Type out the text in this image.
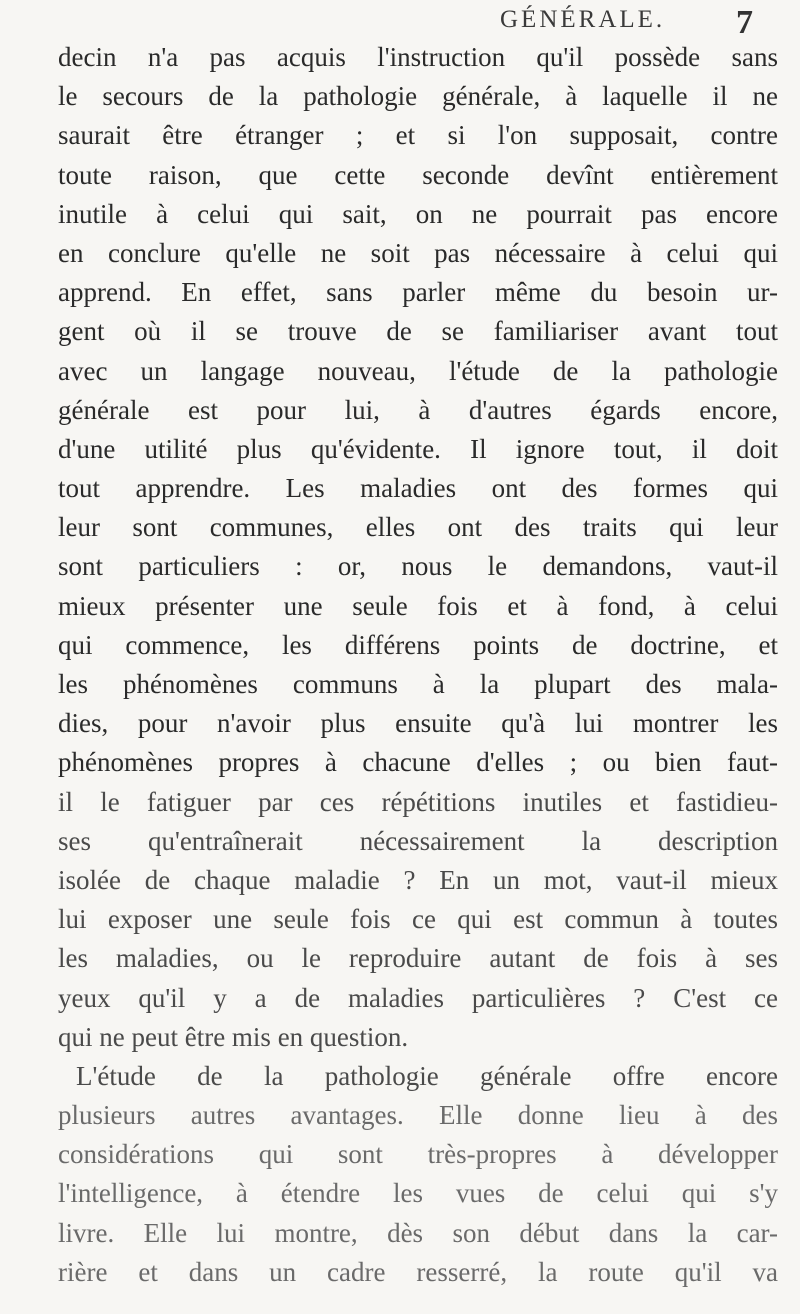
GÉNÉRALE. 7
decin n'a pas acquis l'instruction qu'il possède sans
le secours de la pathologie générale, à laquelle il ne
saurait être étranger ; et si l'on supposait, contre
toute raison, que cette seconde devînt entièrement
inutile à celui qui sait, on ne pourrait pas encore
en conclure qu'elle ne soit pas nécessaire à celui qui
apprend. En effet, sans parler même du besoin ur-
gent où il se trouve de se familiariser avant tout
avec un langage nouveau, l'étude de la pathologie
générale est pour lui, à d'autres égards encore,
d'une utilité plus qu'évidente. Il ignore tout, il doit
tout apprendre. Les maladies ont des formes qui
leur sont communes, elles ont des traits qui leur
sont particuliers : or, nous le demandons, vaut-il
mieux présenter une seule fois et à fond, à celui
qui commence, les différens points de doctrine, et
les phénomènes communs à la plupart des mala-
dies, pour n'avoir plus ensuite qu'à lui montrer les
phénomènes propres à chacune d'elles ; ou bien faut-
il le fatiguer par ces répétitions inutiles et fastidieu-
ses qu'entraînerait nécessairement la description
isolée de chaque maladie ? En un mot, vaut-il mieux
lui exposer une seule fois ce qui est commun à toutes
les maladies, ou le reproduire autant de fois à ses
yeux qu'il y a de maladies particulières ? C'est ce
qui ne peut être mis en question.
L'étude de la pathologie générale offre encore
plusieurs autres avantages. Elle donne lieu à des
considérations qui sont très-propres à développer
l'intelligence, à étendre les vues de celui qui s'y
livre. Elle lui montre, dès son début dans la car-
rière et dans un cadre resserré, la route qu'il va
